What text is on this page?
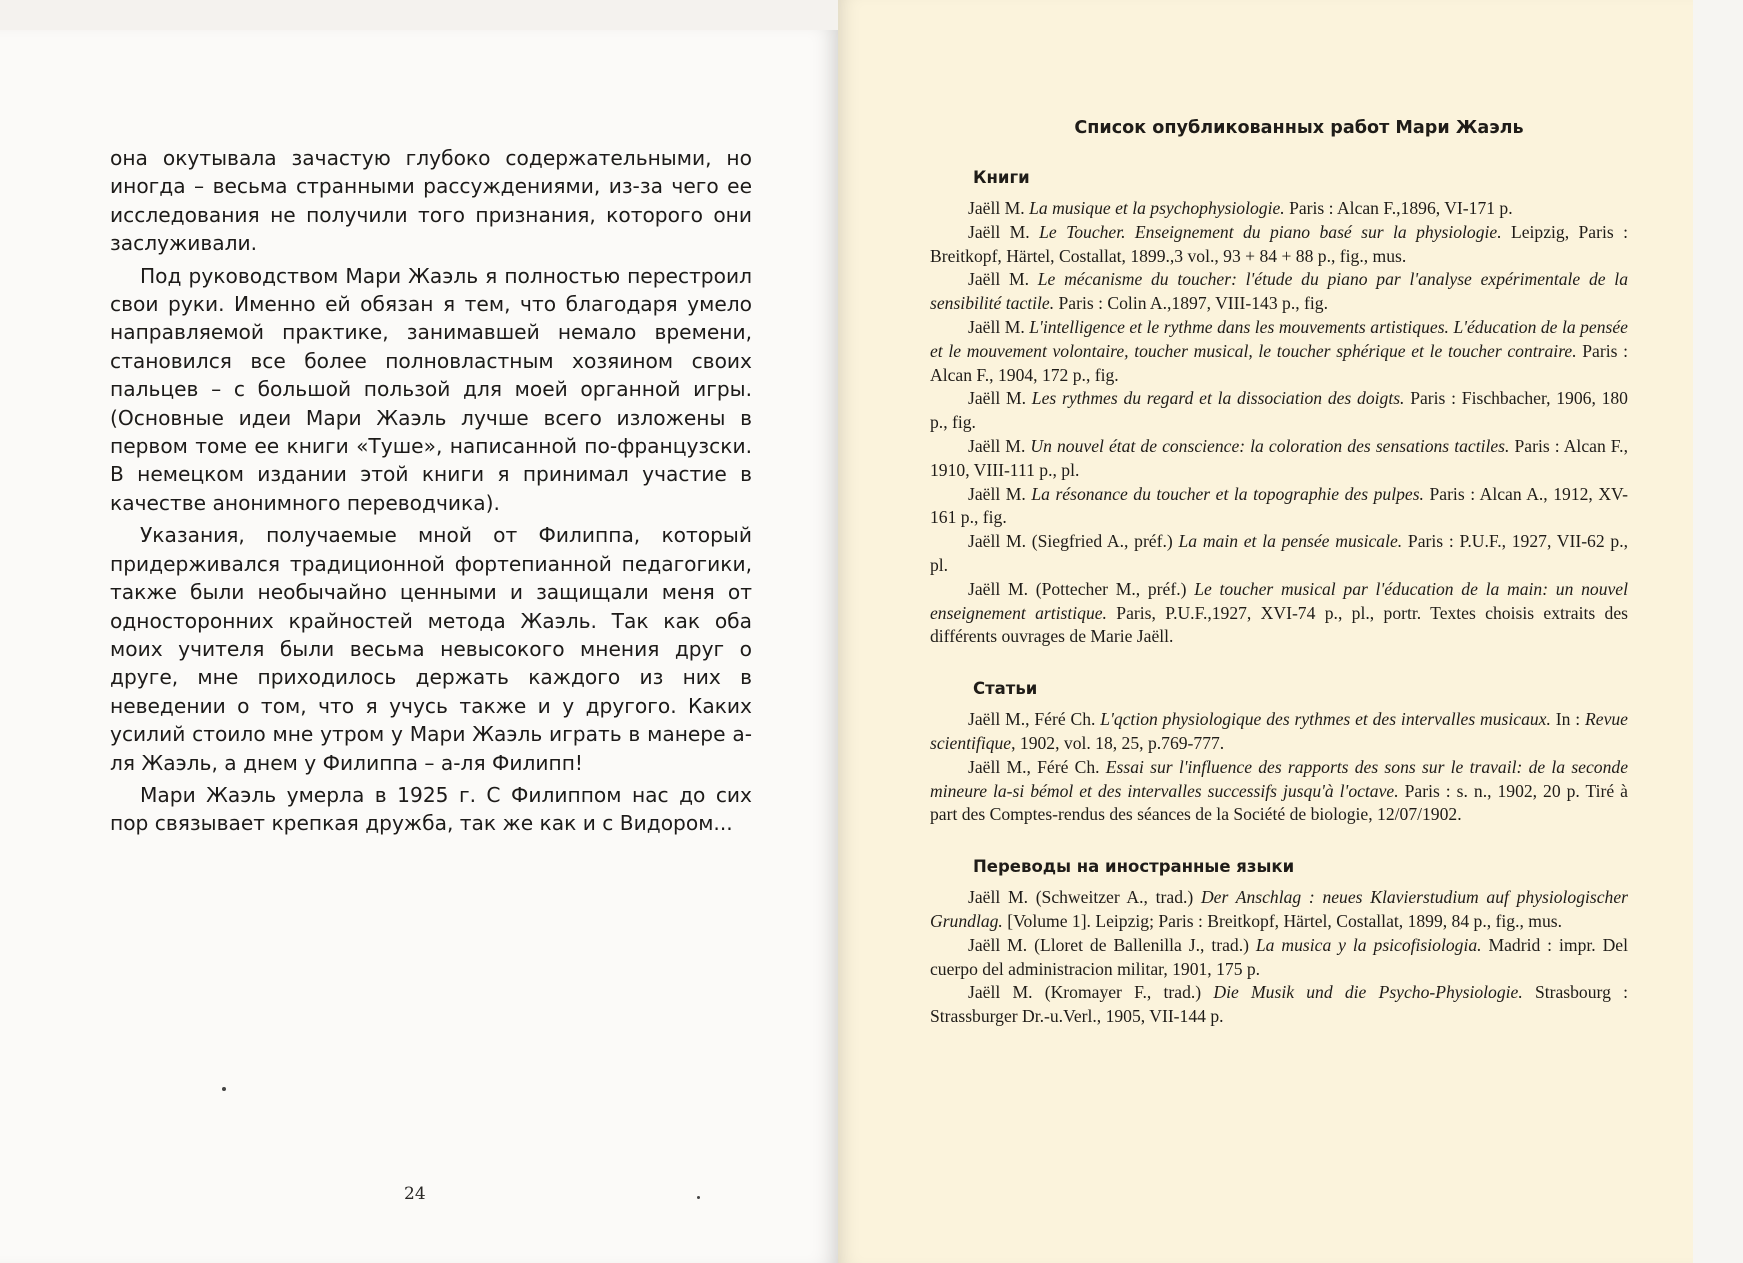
она окутывала зачастую глубоко содержательными, но иногда – весьма странными рассуждениями, из-за чего ее исследования не получили того признания, которого они заслуживали.

Под руководством Мари Жаэль я полностью перестроил свои руки. Именно ей обязан я тем, что благодаря умело направляемой практике, занимавшей немало времени, становился все более полновластным хозяином своих пальцев – с большой пользой для моей органной игры. (Основные идеи Мари Жаэль лучше всего изложены в первом томе ее книги «Туше», написанной по-французски. В немецком издании этой книги я принимал участие в качестве анонимного переводчика).

Указания, получаемые мной от Филиппа, который придерживался традиционной фортепианной педагогики, также были необычайно ценными и защищали меня от односторонних крайностей метода Жаэль. Так как оба моих учителя были весьма невысокого мнения друг о друге, мне приходилось держать каждого из них в неведении о том, что я учусь также и у другого. Каких усилий стоило мне утром у Мари Жаэль играть в манере а-ля Жаэль, а днем у Филиппа – а-ля Филипп!

Мари Жаэль умерла в 1925 г. С Филиппом нас до сих пор связывает крепкая дружба, так же как и с Видором...

24
Список опубликованных работ Мари Жаэль
Книги

Jaëll M. La musique et la psychophysiologie. Paris : Alcan F.,1896, VI-171 p.

Jaëll M. Le Toucher. Enseignement du piano basé sur la physiologie. Leipzig, Paris : Breitkopf, Härtel, Costallat, 1899.,3 vol., 93 + 84 + 88 p., fig., mus.

Jaëll M. Le mécanisme du toucher: l'étude du piano par l'analyse expérimentale de la sensibilité tactile. Paris : Colin A.,1897, VIII-143 p., fig.

Jaëll M. L'intelligence et le rythme dans les mouvements artistiques. L'éducation de la pensée et le mouvement volontaire, toucher musical, le toucher sphérique et le toucher contraire. Paris : Alcan F., 1904, 172 p., fig.

Jaëll M. Les rythmes du regard et la dissociation des doigts. Paris : Fischbacher, 1906, 180 p., fig.

Jaëll M. Un nouvel état de conscience: la coloration des sensations tactiles. Paris : Alcan F., 1910, VIII-111 p., pl.

Jaëll M. La résonance du toucher et la topographie des pulpes. Paris : Alcan A., 1912, XV-161 p., fig.

Jaëll M. (Siegfried A., préf.) La main et la pensée musicale. Paris : P.U.F., 1927, VII-62 p., pl.

Jaëll M. (Pottecher M., préf.) Le toucher musical par l'éducation de la main: un nouvel enseignement artistique. Paris, P.U.F.,1927, XVI-74 p., pl., portr. Textes choisis extraits des différents ouvrages de Marie Jaëll.

Статьи

Jaëll M., Féré Ch. L'qction physiologique des rythmes et des intervalles musicaux. In : Revue scientifique, 1902, vol. 18, 25, p.769-777.

Jaëll M., Féré Ch. Essai sur l'influence des rapports des sons sur le travail: de la seconde mineure la-si bémol et des intervalles successifs jusqu'à l'octave. Paris : s. n., 1902, 20 p. Tiré à part des Comptes-rendus des séances de la Société de biologie, 12/07/1902.

Переводы на иностранные языки

Jaëll M. (Schweitzer A., trad.) Der Anschlag : neues Klavierstudium auf physiologischer Grundlag. [Volume 1]. Leipzig; Paris : Breitkopf, Härtel, Costallat, 1899, 84 p., fig., mus.

Jaëll M. (Lloret de Ballenilla J., trad.) La musica y la psicofisiologia. Madrid : impr. Del cuerpo del administracion militar, 1901, 175 p.

Jaëll M. (Kromayer F., trad.) Die Musik und die Psycho-Physiologie. Strasbourg : Strassburger Dr.-u.Verl., 1905, VII-144 p.
